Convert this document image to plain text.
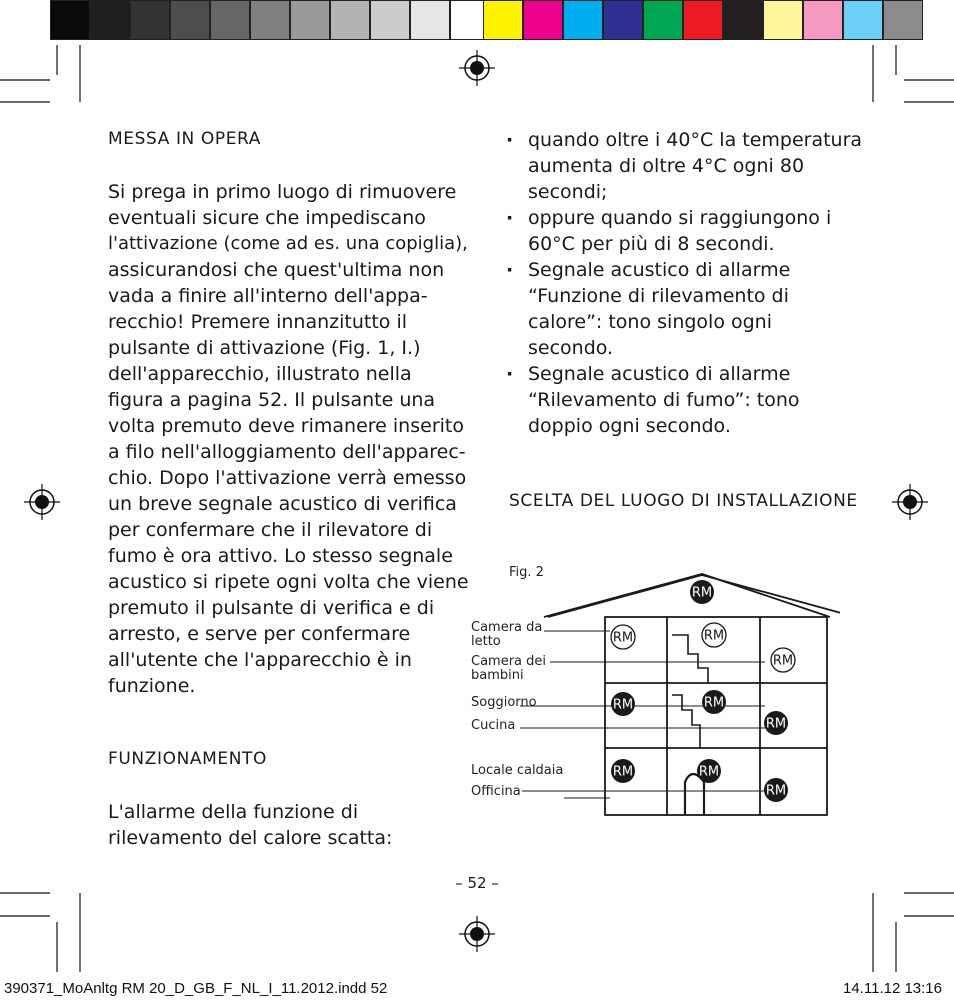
MESSA IN OPERA
Si prega in primo luogo di rimuovere
eventuali sicure che impediscano
l'attivazione (come ad es. una copiglia),
assicurandosi che quest'ultima non
vada a finire all'interno dell'appa-
recchio! Premere innanzitutto il
pulsante di attivazione (Fig. 1, I.)
dell'apparecchio, illustrato nella
figura a pagina 52. Il pulsante una
volta premuto deve rimanere inserito
a filo nell'alloggiamento dell'apparec-
chio. Dopo l'attivazione verrà emesso
un breve segnale acustico di verifica
per confermare che il rilevatore di
fumo è ora attivo. Lo stesso segnale
acustico si ripete ogni volta che viene
premuto il pulsante di verifica e di
arresto, e serve per confermare
all'utente che l'apparecchio è in
funzione.
FUNZIONAMENTO
L'allarme della funzione di
rilevamento del calore scatta:
· quando oltre i 40°C la temperatura
aumenta di oltre 4°C ogni 80
secondi;
· oppure quando si raggiungono i
60°C per più di 8 secondi.
· Segnale acustico di allarme
“Funzione di rilevamento di
calore”: tono singolo ogni
secondo.
· Segnale acustico di allarme
“Rilevamento di fumo”: tono
doppio ogni secondo.
SCELTA DEL LUOGO DI INSTALLAZIONE
Fig. 2
RM
RM	RM
RM
RM	RM
RM
RM	RM
RM
Camera da
letto
Camera dei
bambini
Soggiorno
Cucina
Locale caldaia
Officina
– 52 –
390371_MoAnltg RM 20_D_GB_F_NL_I_11.2012.indd 52	14.11.12 13:16
